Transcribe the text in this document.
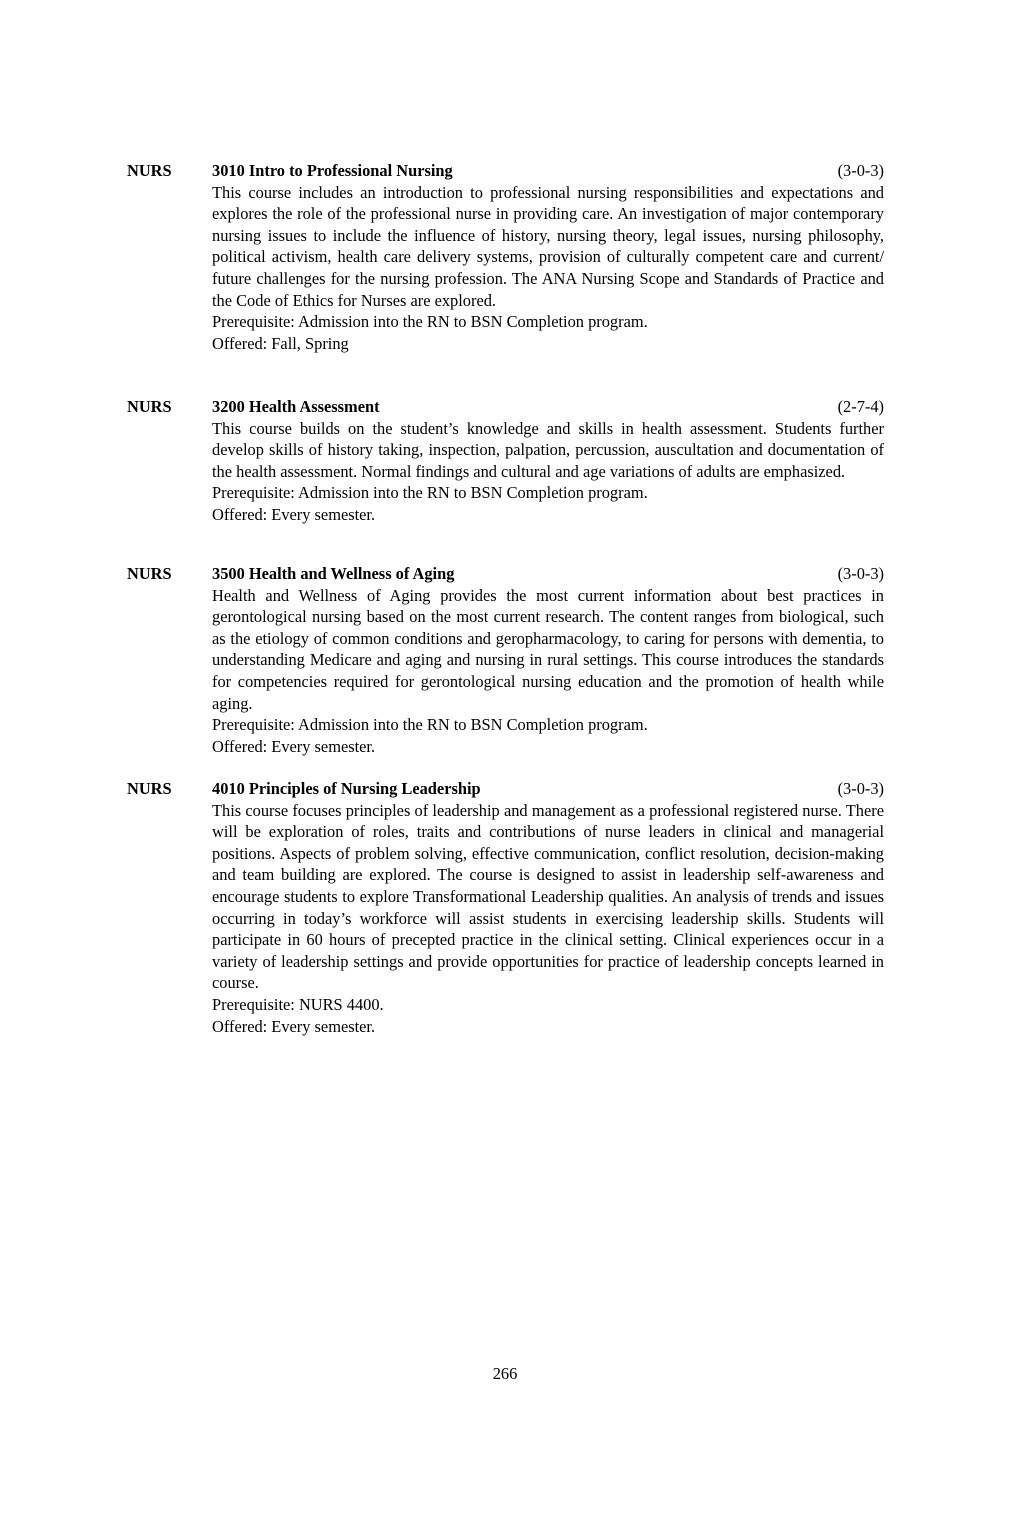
NURS	3010 Intro to Professional Nursing	(3-0-3)

This course includes an introduction to professional nursing responsibilities and expectations and explores the role of the professional nurse in providing care. An investigation of major contemporary nursing issues to include the influence of history, nursing theory, legal issues, nursing philosophy, political activism, health care delivery systems, provision of culturally competent care and current/ future challenges for the nursing profession. The ANA Nursing Scope and Standards of Practice and the Code of Ethics for Nurses are explored.

Prerequisite: Admission into the RN to BSN Completion program.

Offered: Fall, Spring

NURS	3200 Health Assessment	(2-7-4)

This course builds on the student’s knowledge and skills in health assessment. Students further develop skills of history taking, inspection, palpation, percussion, auscultation and documentation of the health assessment. Normal findings and cultural and age variations of adults are emphasized.

Prerequisite: Admission into the RN to BSN Completion program.

Offered: Every semester.

NURS	3500 Health and Wellness of Aging	(3-0-3)

Health and Wellness of Aging provides the most current information about best practices in gerontological nursing based on the most current research. The content ranges from biological, such as the etiology of common conditions and geropharmacology, to caring for persons with dementia, to understanding Medicare and aging and nursing in rural settings. This course introduces the standards for competencies required for gerontological nursing education and the promotion of health while aging.

Prerequisite: Admission into the RN to BSN Completion program.

Offered: Every semester.

NURS	4010 Principles of Nursing Leadership	(3-0-3)

This course focuses principles of leadership and management as a professional registered nurse. There will be exploration of roles, traits and contributions of nurse leaders in clinical and managerial positions. Aspects of problem solving, effective communication, conflict resolution, decision-making and team building are explored. The course is designed to assist in leadership self-awareness and encourage students to explore Transformational Leadership qualities. An analysis of trends and issues occurring in today’s workforce will assist students in exercising leadership skills. Students will participate in 60 hours of precepted practice in the clinical setting. Clinical experiences occur in a variety of leadership settings and provide opportunities for practice of leadership concepts learned in course.

Prerequisite: NURS 4400.

Offered: Every semester.

266
